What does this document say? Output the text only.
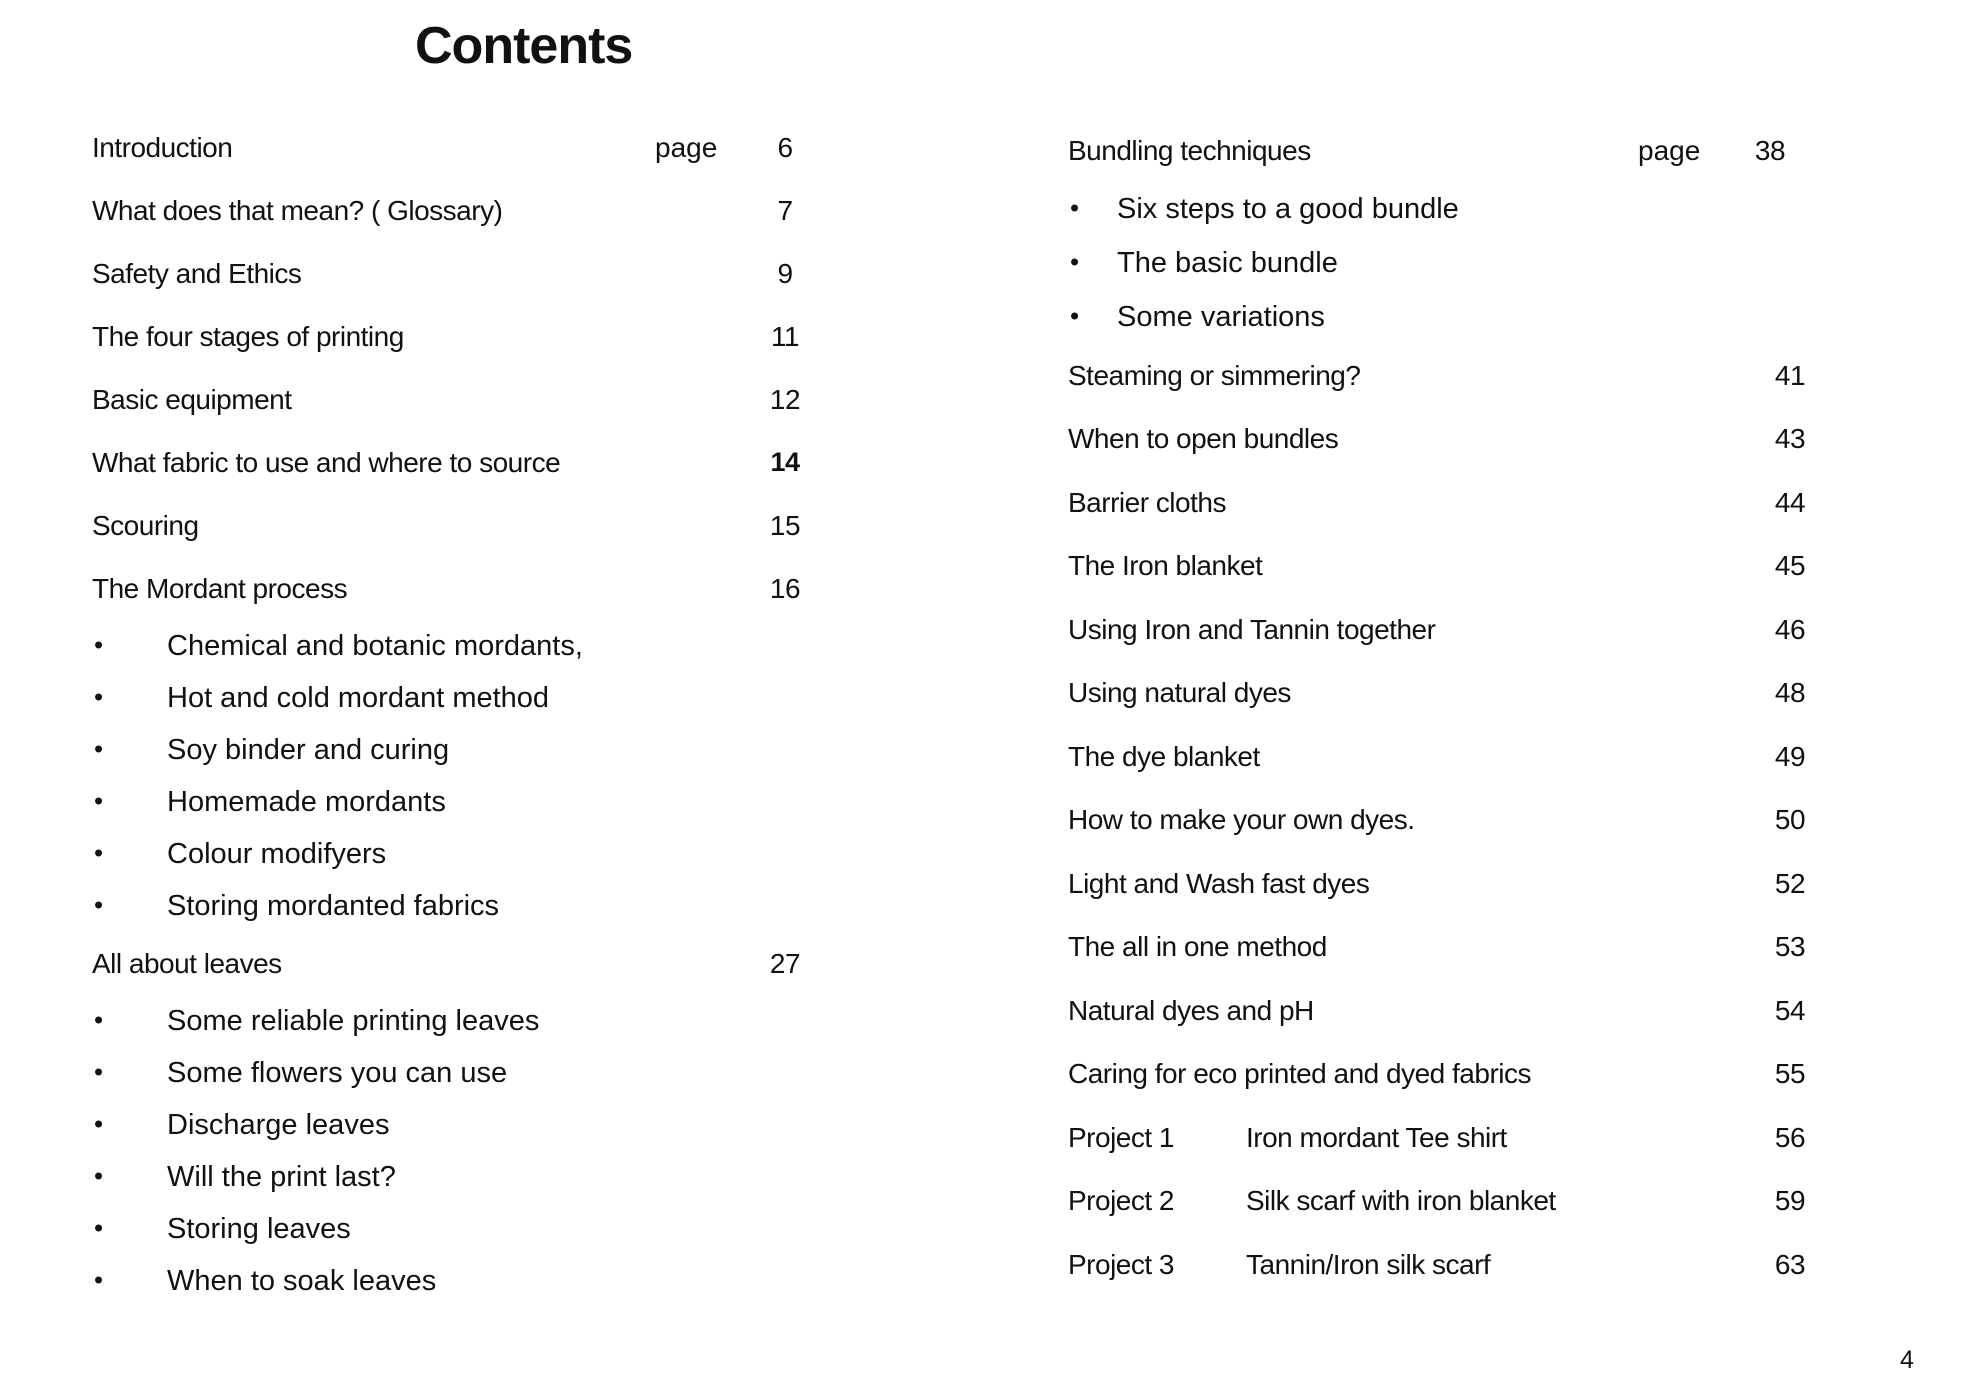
Contents
Introduction	page	6
What does that mean? ( Glossary)	7
Safety and Ethics	9
The four stages of printing	11
Basic equipment	12
What fabric to use and where to source	14
Scouring	15
The Mordant process	16
• Chemical and botanic mordants,
• Hot and cold mordant method
• Soy binder and curing
• Homemade mordants
• Colour modifyers
• Storing mordanted fabrics
All about leaves	27
• Some reliable printing leaves
• Some flowers you can use
• Discharge leaves
• Will the print last?
• Storing leaves
• When to soak leaves
Bundling techniques	page	38
• Six steps to a good bundle
• The basic bundle
• Some variations
Steaming or simmering?	41
When to open bundles	43
Barrier cloths	44
The Iron blanket	45
Using Iron and Tannin together	46
Using natural dyes	48
The dye blanket	49
How to make your own dyes.	50
Light and Wash fast dyes	52
The all in one method	53
Natural dyes and pH	54
Caring for eco printed and dyed fabrics	55
Project 1	Iron mordant Tee shirt	56
Project 2	Silk scarf with iron blanket	59
Project 3	Tannin/Iron silk scarf	63
4
